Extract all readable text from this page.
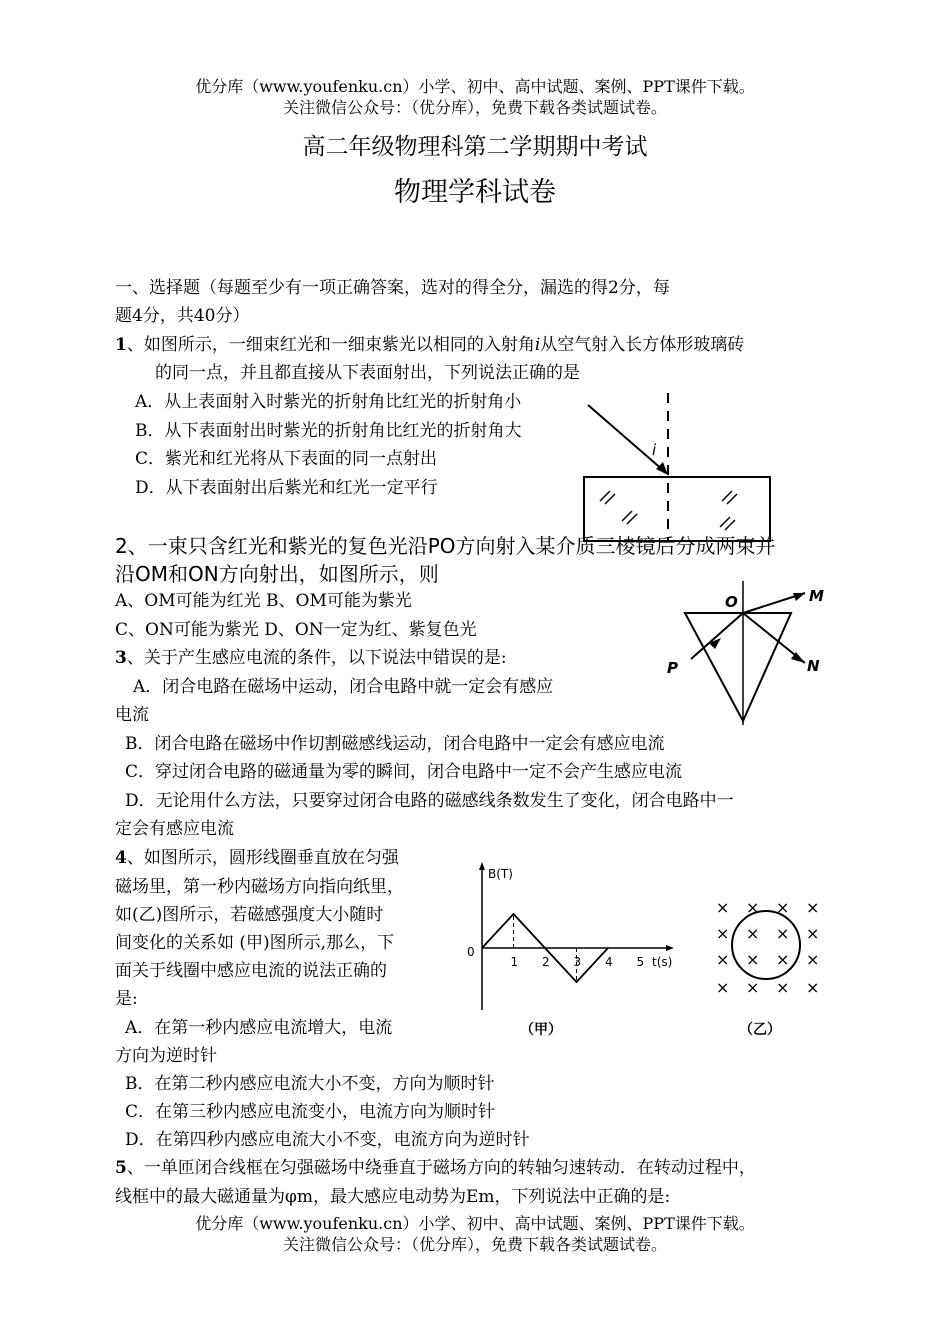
优分库（www.youfenku.cn）小学、初中、高中试题、案例、PPT课件下载。
关注微信公众号：（优分库），免费下载各类试题试卷。
高二年级物理科第二学期期中考试
物理学科试卷
一、选择题（每题至少有一项正确答案，选对的得全分，漏选的得2分，每
题4分，共40分）
1、如图所示，一细束红光和一细束紫光以相同的入射角i从空气射入长方体形玻璃砖
的同一点，并且都直接从下表面射出，下列说法正确的是
A．从上表面射入时紫光的折射角比红光的折射角小
B．从下表面射出时紫光的折射角比红光的折射角大
C．紫光和红光将从下表面的同一点射出
D．从下表面射出后紫光和红光一定平行
i
2、一束只含红光和紫光的复色光沿PO方向射入某介质三棱镜后分成两束并
沿OM和ON方向射出，如图所示，则
A、OM可能为红光 B、OM可能为紫光
C、ON可能为紫光 D、ON一定为红、紫复色光
O	M
N
P
3、关于产生感应电流的条件，以下说法中错误的是:
A．闭合电路在磁场中运动，闭合电路中就一定会有感应
电流
B．闭合电路在磁场中作切割磁感线运动，闭合电路中一定会有感应电流
C．穿过闭合电路的磁通量为零的瞬间，闭合电路中一定不会产生感应电流
D．无论用什么方法，只要穿过闭合电路的磁感线条数发生了变化，闭合电路中一
定会有感应电流
4、如图所示，圆形线圈垂直放在匀强
磁场里，第一秒内磁场方向指向纸里，
如(乙)图所示，若磁感强度大小随时
间变化的关系如 (甲)图所示,那么，下
面关于线圈中感应电流的说法正确的
是:
A．在第一秒内感应电流增大，电流
方向为逆时针
B．在第二秒内感应电流大小不变，方向为顺时针
C．在第三秒内感应电流变小，电流方向为顺时针
D．在第四秒内感应电流大小不变，电流方向为逆时针
B(T)
t(s)
0
1 2 3 4 5
（甲）
× × × ×
× × × ×
× × × ×
× × × ×
（乙）
5、一单匝闭合线框在匀强磁场中绕垂直于磁场方向的转轴匀速转动．在转动过程中，
线框中的最大磁通量为φm，最大感应电动势为Em，下列说法中正确的是:
优分库（www.youfenku.cn）小学、初中、高中试题、案例、PPT课件下载。
关注微信公众号：（优分库），免费下载各类试题试卷。
